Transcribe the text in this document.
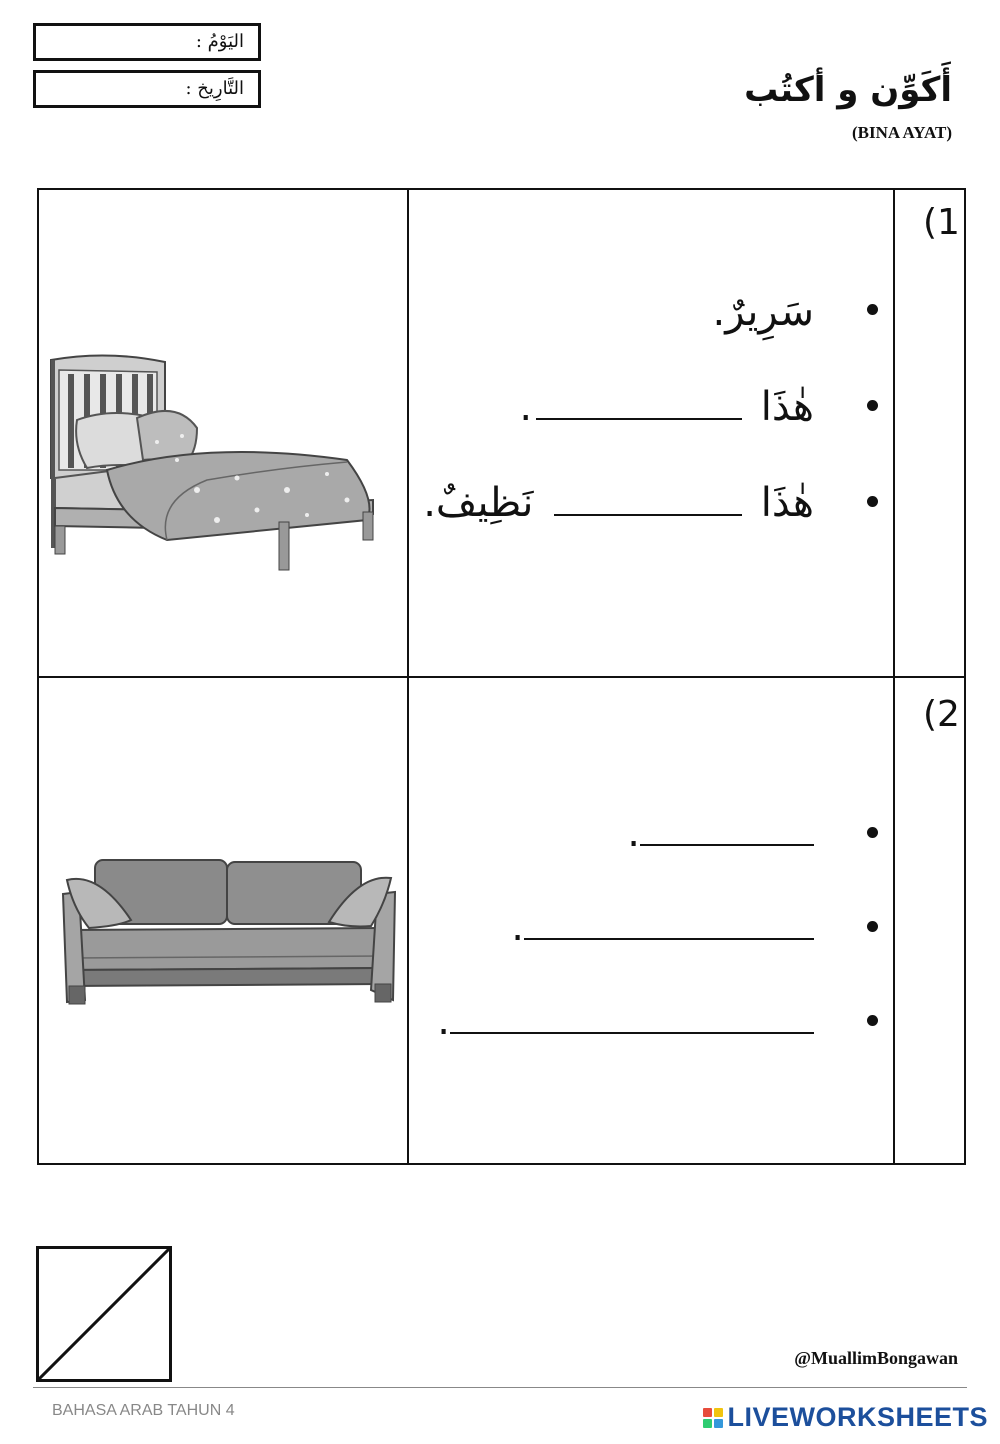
اليَوْمُ :
التَّارِيخ :	أَكَوِّن و أكتُب
(BINA AYAT)
(1
سَرِيرٌ.
هٰذَا .
هٰذَا  نَظِيفٌ.
(2
.
.
.
@MuallimBongawan
BAHASA ARAB TAHUN 4	LIVEWORKSHEETS
